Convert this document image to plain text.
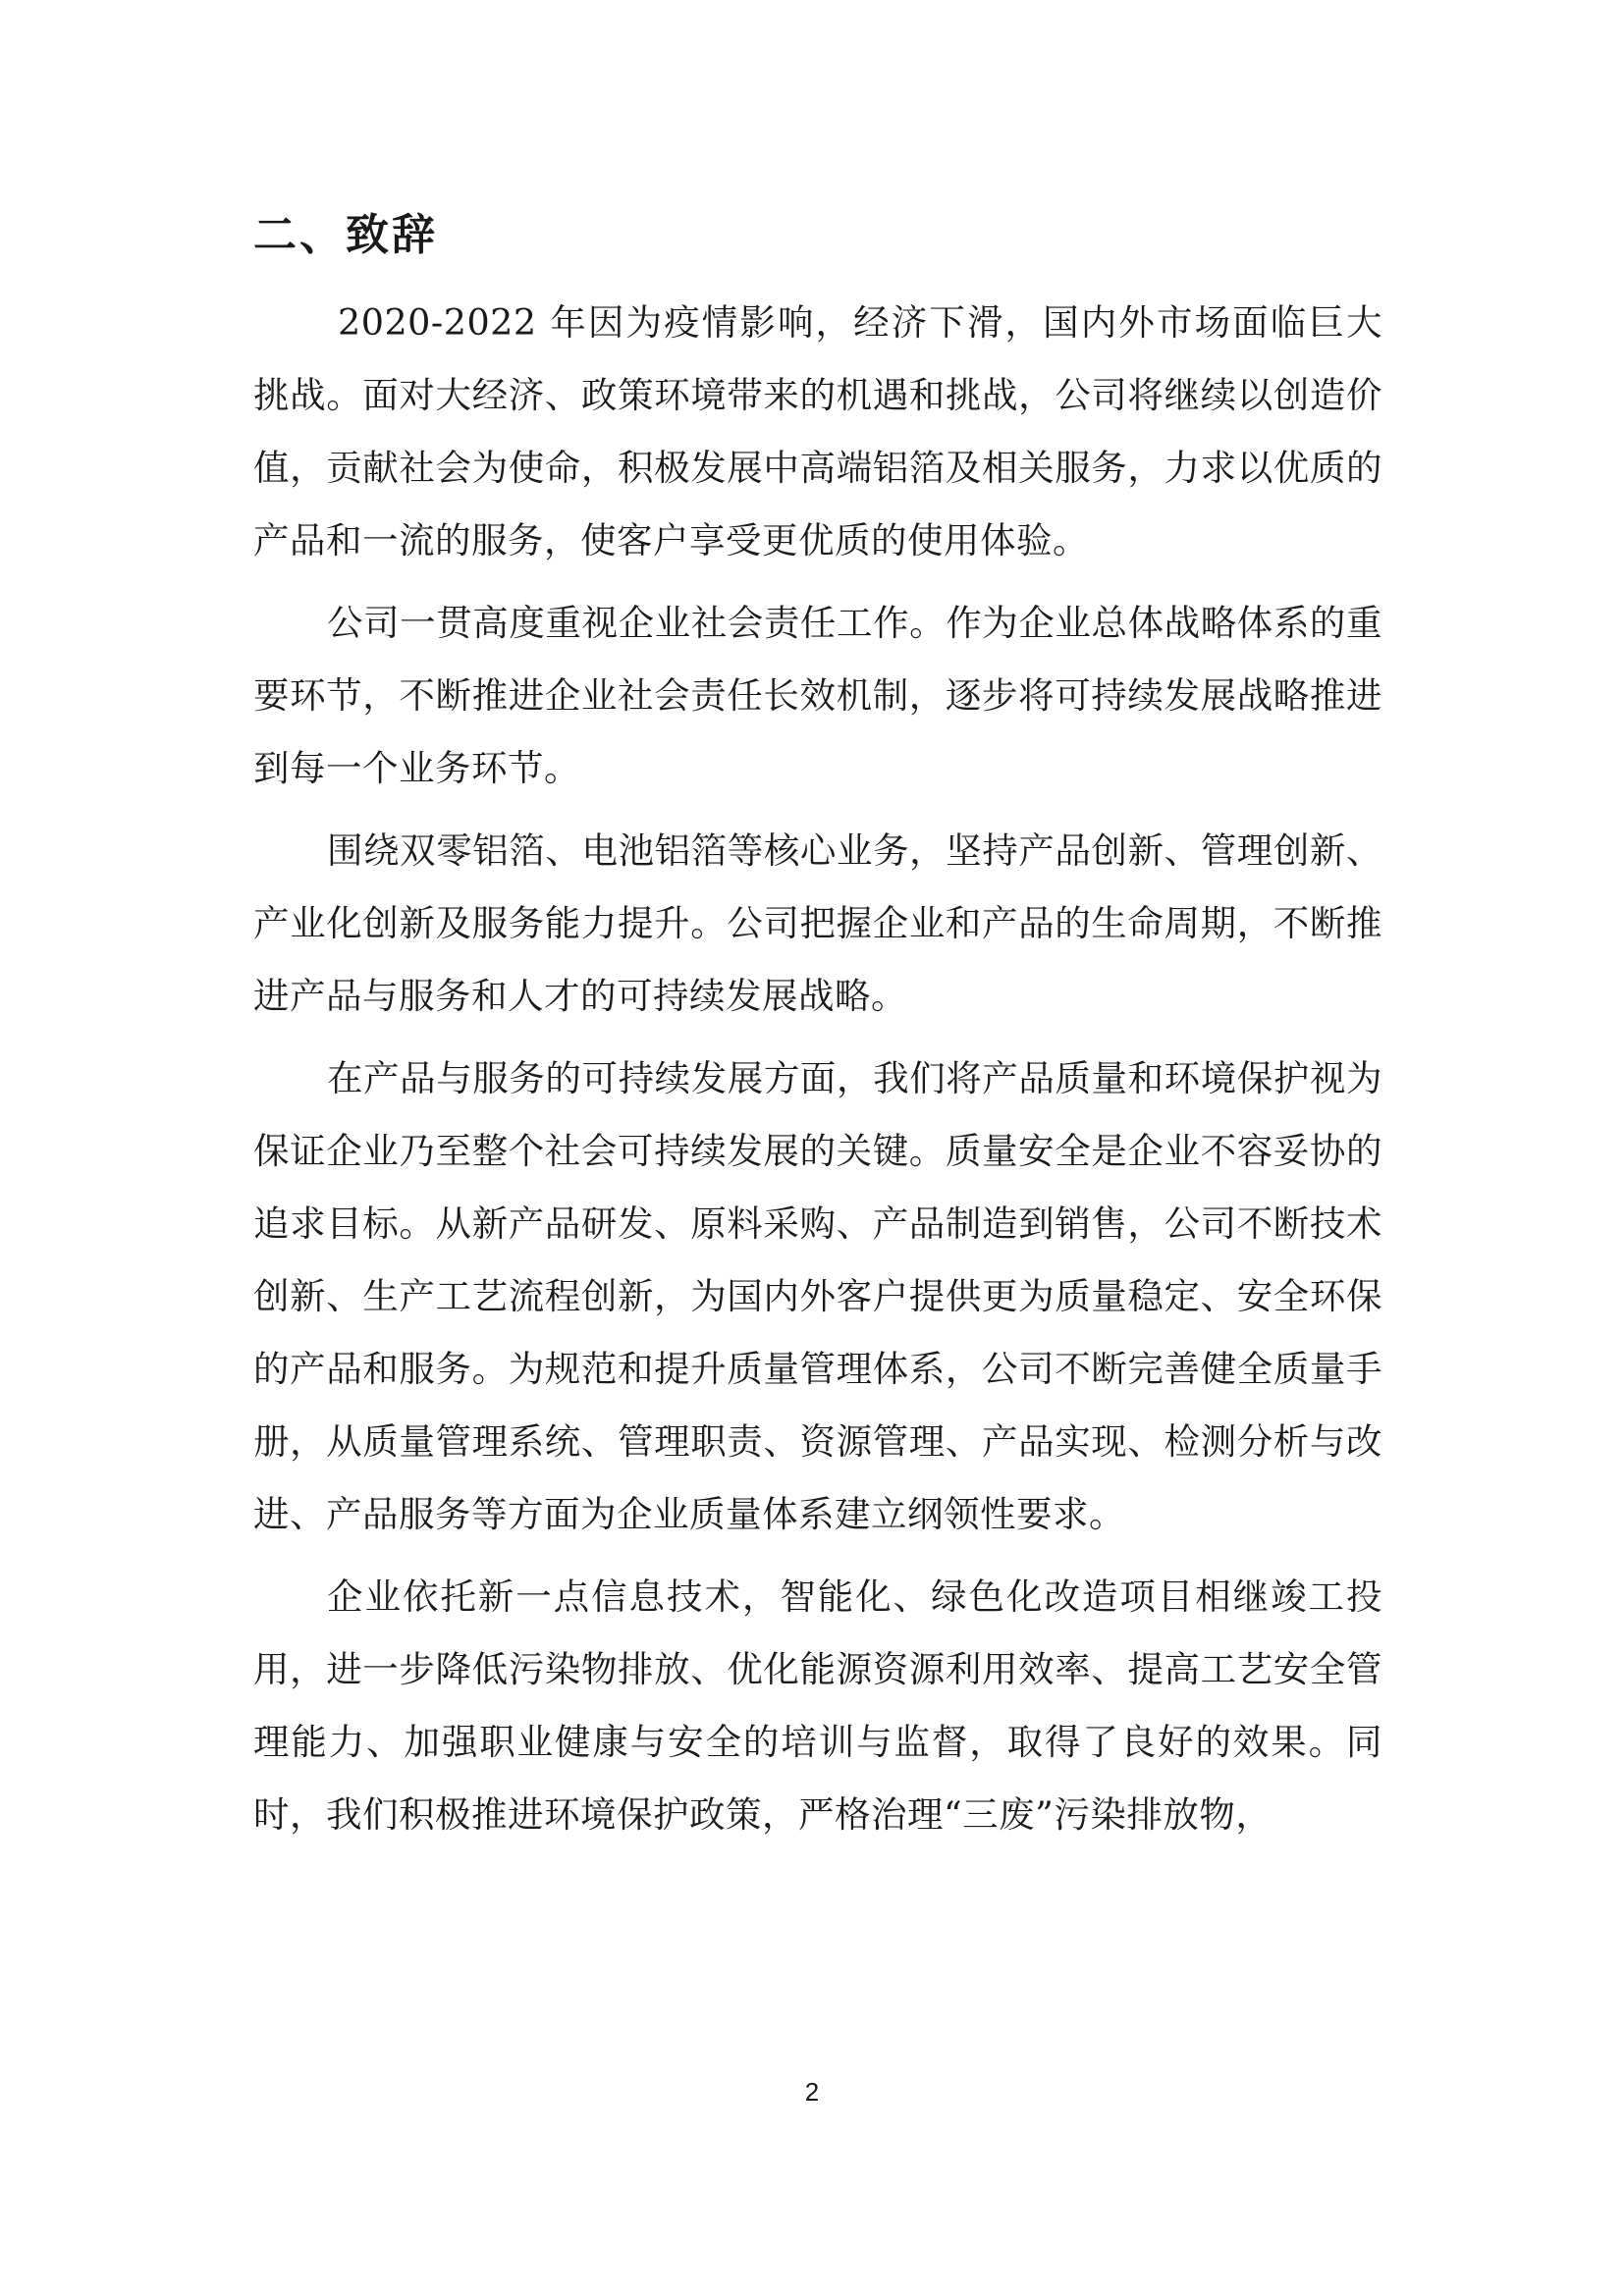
二、致辞

2020-2022 年因为疫情影响，经济下滑，国内外市场面临巨大挑战。面对大经济、政策环境带来的机遇和挑战，公司将继续以创造价值，贡献社会为使命，积极发展中高端铝箔及相关服务，力求以优质的产品和一流的服务，使客户享受更优质的使用体验。

公司一贯高度重视企业社会责任工作。作为企业总体战略体系的重要环节，不断推进企业社会责任长效机制，逐步将可持续发展战略推进到每一个业务环节。

围绕双零铝箔、电池铝箔等核心业务，坚持产品创新、管理创新、产业化创新及服务能力提升。公司把握企业和产品的生命周期，不断推进产品与服务和人才的可持续发展战略。

在产品与服务的可持续发展方面，我们将产品质量和环境保护视为保证企业乃至整个社会可持续发展的关键。质量安全是企业不容妥协的追求目标。从新产品研发、原料采购、产品制造到销售，公司不断技术创新、生产工艺流程创新，为国内外客户提供更为质量稳定、安全环保的产品和服务。为规范和提升质量管理体系，公司不断完善健全质量手册，从质量管理系统、管理职责、资源管理、产品实现、检测分析与改进、产品服务等方面为企业质量体系建立纲领性要求。

企业依托新一点信息技术，智能化、绿色化改造项目相继竣工投用，进一步降低污染物排放、优化能源资源利用效率、提高工艺安全管理能力、加强职业健康与安全的培训与监督，取得了良好的效果。同时，我们积极推进环境保护政策，严格治理“三废”污染排放物，

2
